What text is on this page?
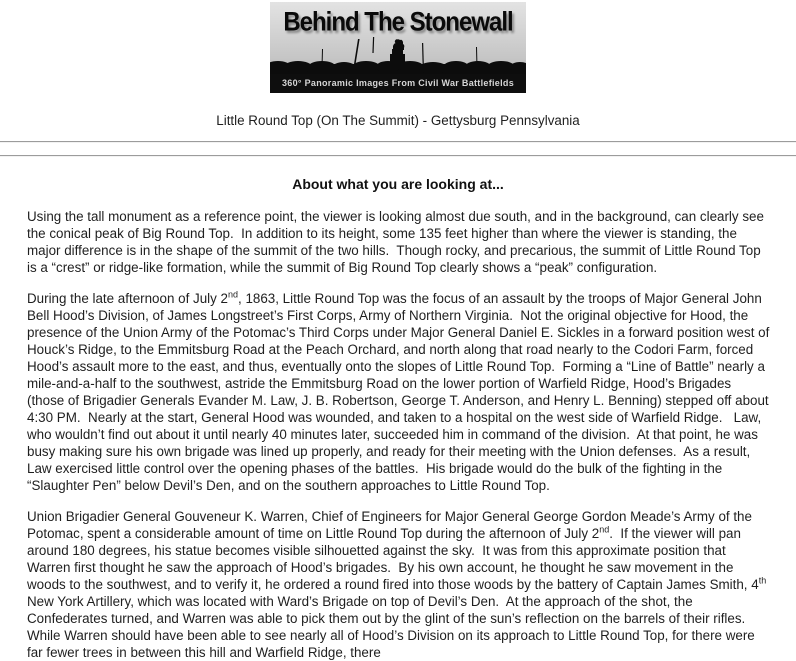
Behind The Stonewall
360° Panoramic Images From Civil War Battlefields
Little Round Top (On The Summit) - Gettysburg Pennsylvania
About what you are looking at...

Using the tall monument as a reference point, the viewer is looking almost due south, and in the background, can clearly see the conical peak of Big Round Top.  In addition to its height, some 135 feet higher than where the viewer is standing, the major difference is in the shape of the summit of the two hills.  Though rocky, and precarious, the summit of Little Round Top is a “crest” or ridge-like formation, while the summit of Big Round Top clearly shows a “peak” configuration.

During the late afternoon of July 2nd, 1863, Little Round Top was the focus of an assault by the troops of Major General John Bell Hood’s Division, of James Longstreet’s First Corps, Army of Northern Virginia.  Not the original objective for Hood, the presence of the Union Army of the Potomac’s Third Corps under Major General Daniel E. Sickles in a forward position west of Houck’s Ridge, to the Emmitsburg Road at the Peach Orchard, and north along that road nearly to the Codori Farm, forced Hood’s assault more to the east, and thus, eventually onto the slopes of Little Round Top.  Forming a “Line of Battle” nearly a mile-and-a-half to the southwest, astride the Emmitsburg Road on the lower portion of Warfield Ridge, Hood’s Brigades (those of Brigadier Generals Evander M. Law, J. B. Robertson, George T. Anderson, and Henry L. Benning) stepped off about 4:30 PM.  Nearly at the start, General Hood was wounded, and taken to a hospital on the west side of Warfield Ridge.   Law, who wouldn’t find out about it until nearly 40 minutes later, succeeded him in command of the division.  At that point, he was busy making sure his own brigade was lined up properly, and ready for their meeting with the Union defenses.  As a result, Law exercised little control over the opening phases of the battles.  His brigade would do the bulk of the fighting in the “Slaughter Pen” below Devil’s Den, and on the southern approaches to Little Round Top.

Union Brigadier General Gouveneur K. Warren, Chief of Engineers for Major General George Gordon Meade’s Army of the Potomac, spent a considerable amount of time on Little Round Top during the afternoon of July 2nd.  If the viewer will pan around 180 degrees, his statue becomes visible silhouetted against the sky.  It was from this approximate position that Warren first thought he saw the approach of Hood’s brigades.  By his own account, he thought he saw movement in the woods to the southwest, and to verify it, he ordered a round fired into those woods by the battery of Captain James Smith, 4th New York Artillery, which was located with Ward’s Brigade on top of Devil’s Den.  At the approach of the shot, the Confederates turned, and Warren was able to pick them out by the glint of the sun’s reflection on the barrels of their rifles.  While Warren should have been able to see nearly all of Hood’s Division on its approach to Little Round Top, for there were far fewer trees in between this hill and Warfield Ridge, there
